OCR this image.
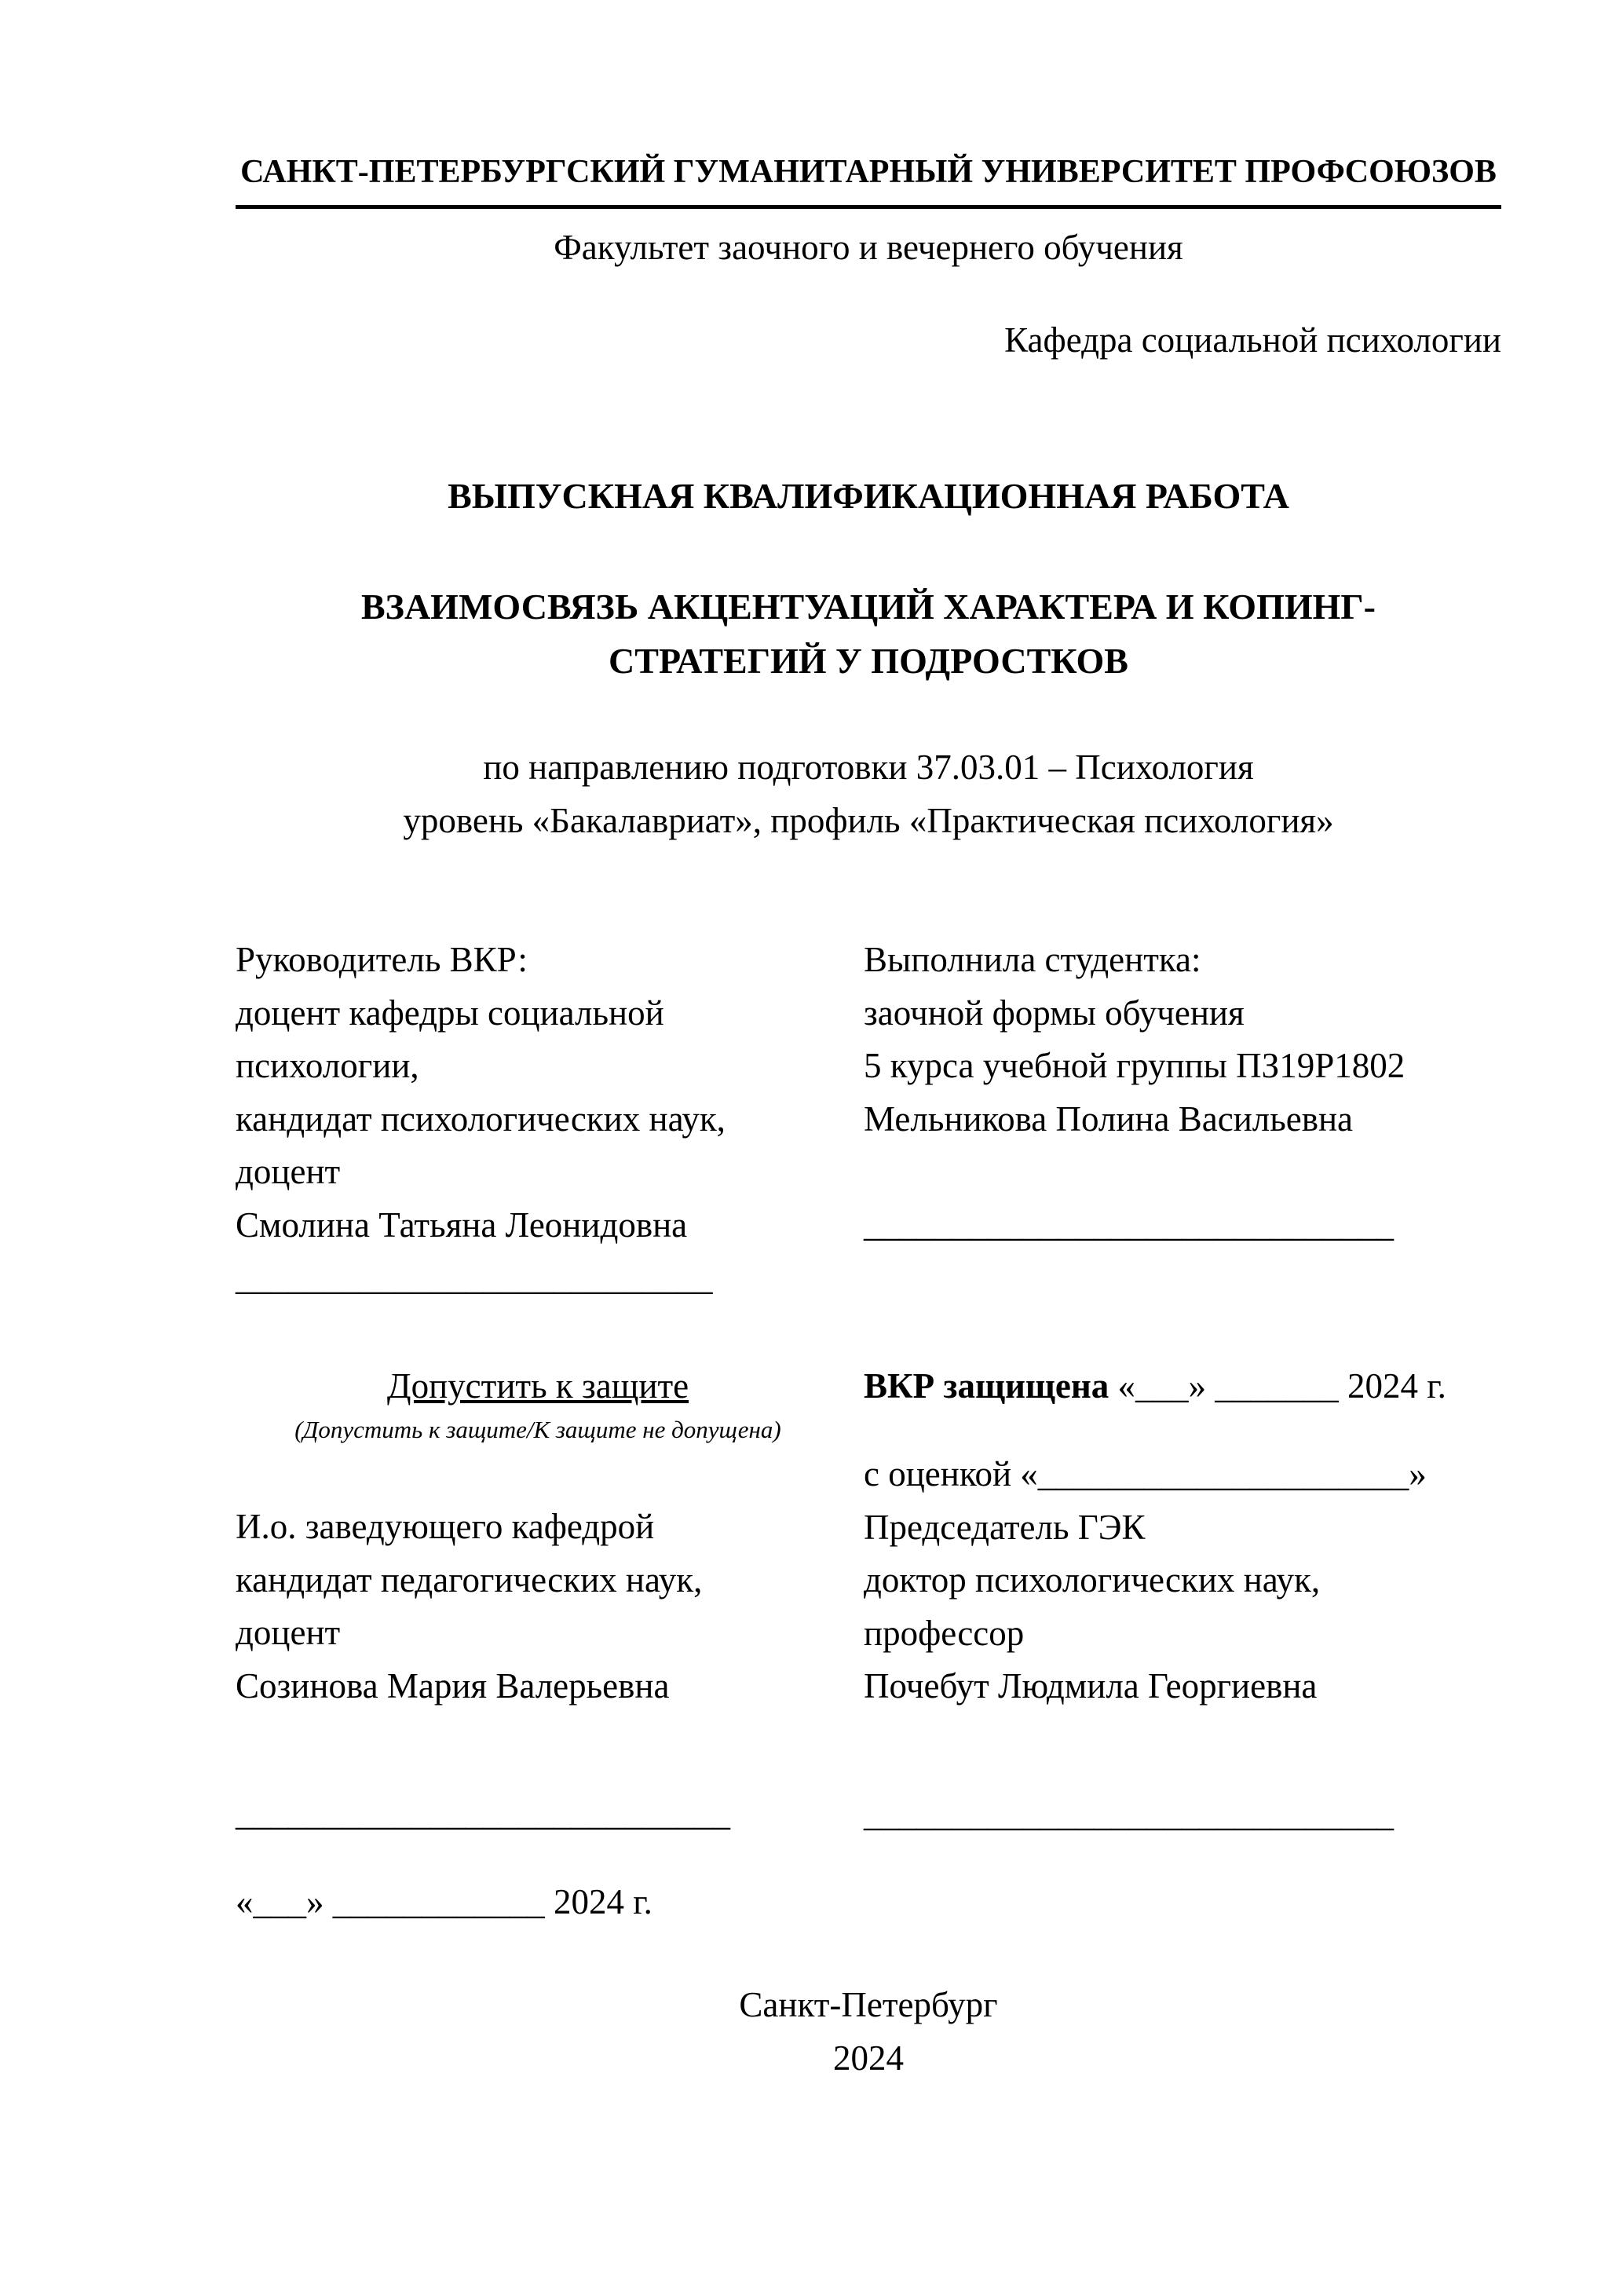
САНКТ-ПЕТЕРБУРГСКИЙ ГУМАНИТАРНЫЙ УНИВЕРСИТЕТ ПРОФСОЮЗОВ
Факультет заочного и вечернего обучения
Кафедра социальной психологии
ВЫПУСКНАЯ КВАЛИФИКАЦИОННАЯ РАБОТА
ВЗАИМОСВЯЗЬ АКЦЕНТУАЦИЙ ХАРАКТЕРА И КОПИНГ-
СТРАТЕГИЙ У ПОДРОСТКОВ
по направлению подготовки 37.03.01 – Психология
уровень «Бакалавриат», профиль «Практическая психология»
Руководитель ВКР:
доцент кафедры социальной
психологии,
кандидат психологических наук,
доцент
Смолина Татьяна Леонидовна
___________________________
Выполнила студентка:
заочной формы обучения
5 курса учебной группы ПЗ19Р1802
Мельникова Полина Васильевна
______________________________
Допустить к защите
(Допустить к защите/К защите не допущена)
И.о. заведующего кафедрой
кандидат педагогических наук,
доцент
Созинова Мария Валерьевна
____________________________
«___» ____________ 2024 г.
ВКР защищена «___» _______ 2024 г.
с оценкой «_____________________»
Председатель ГЭК
доктор психологических наук,
профессор
Почебут Людмила Георгиевна
______________________________
Санкт-Петербург
2024
